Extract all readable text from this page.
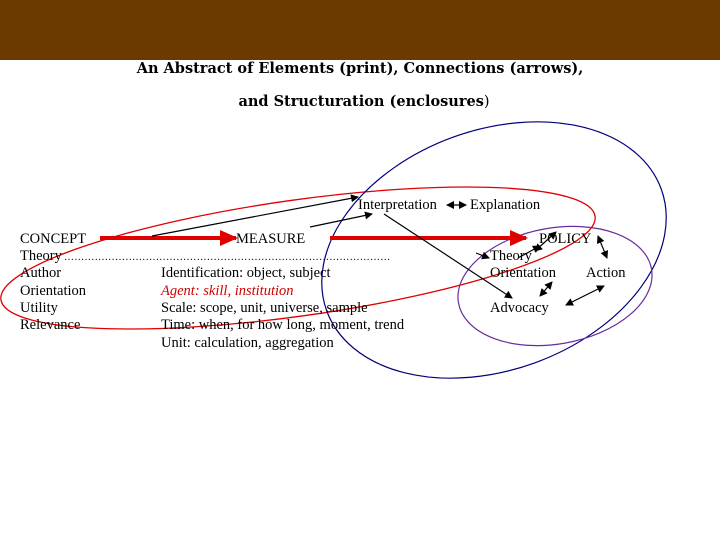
An Abstract of Elements (print), Connections (arrows),
and Structuration (enclosures)
……………………………………………………………………………………
CONCEPT
Theory
Author
Orientation
Utility
Relevance
MEASURE
Identification: object, subject
Agent: skill, institution
Scale: scope, unit, universe, sample
Time: when, for how long, moment, trend
Unit: calculation, aggregation
Interpretation Explanation
POLICY
Theory
Orientation Action
Advocacy
